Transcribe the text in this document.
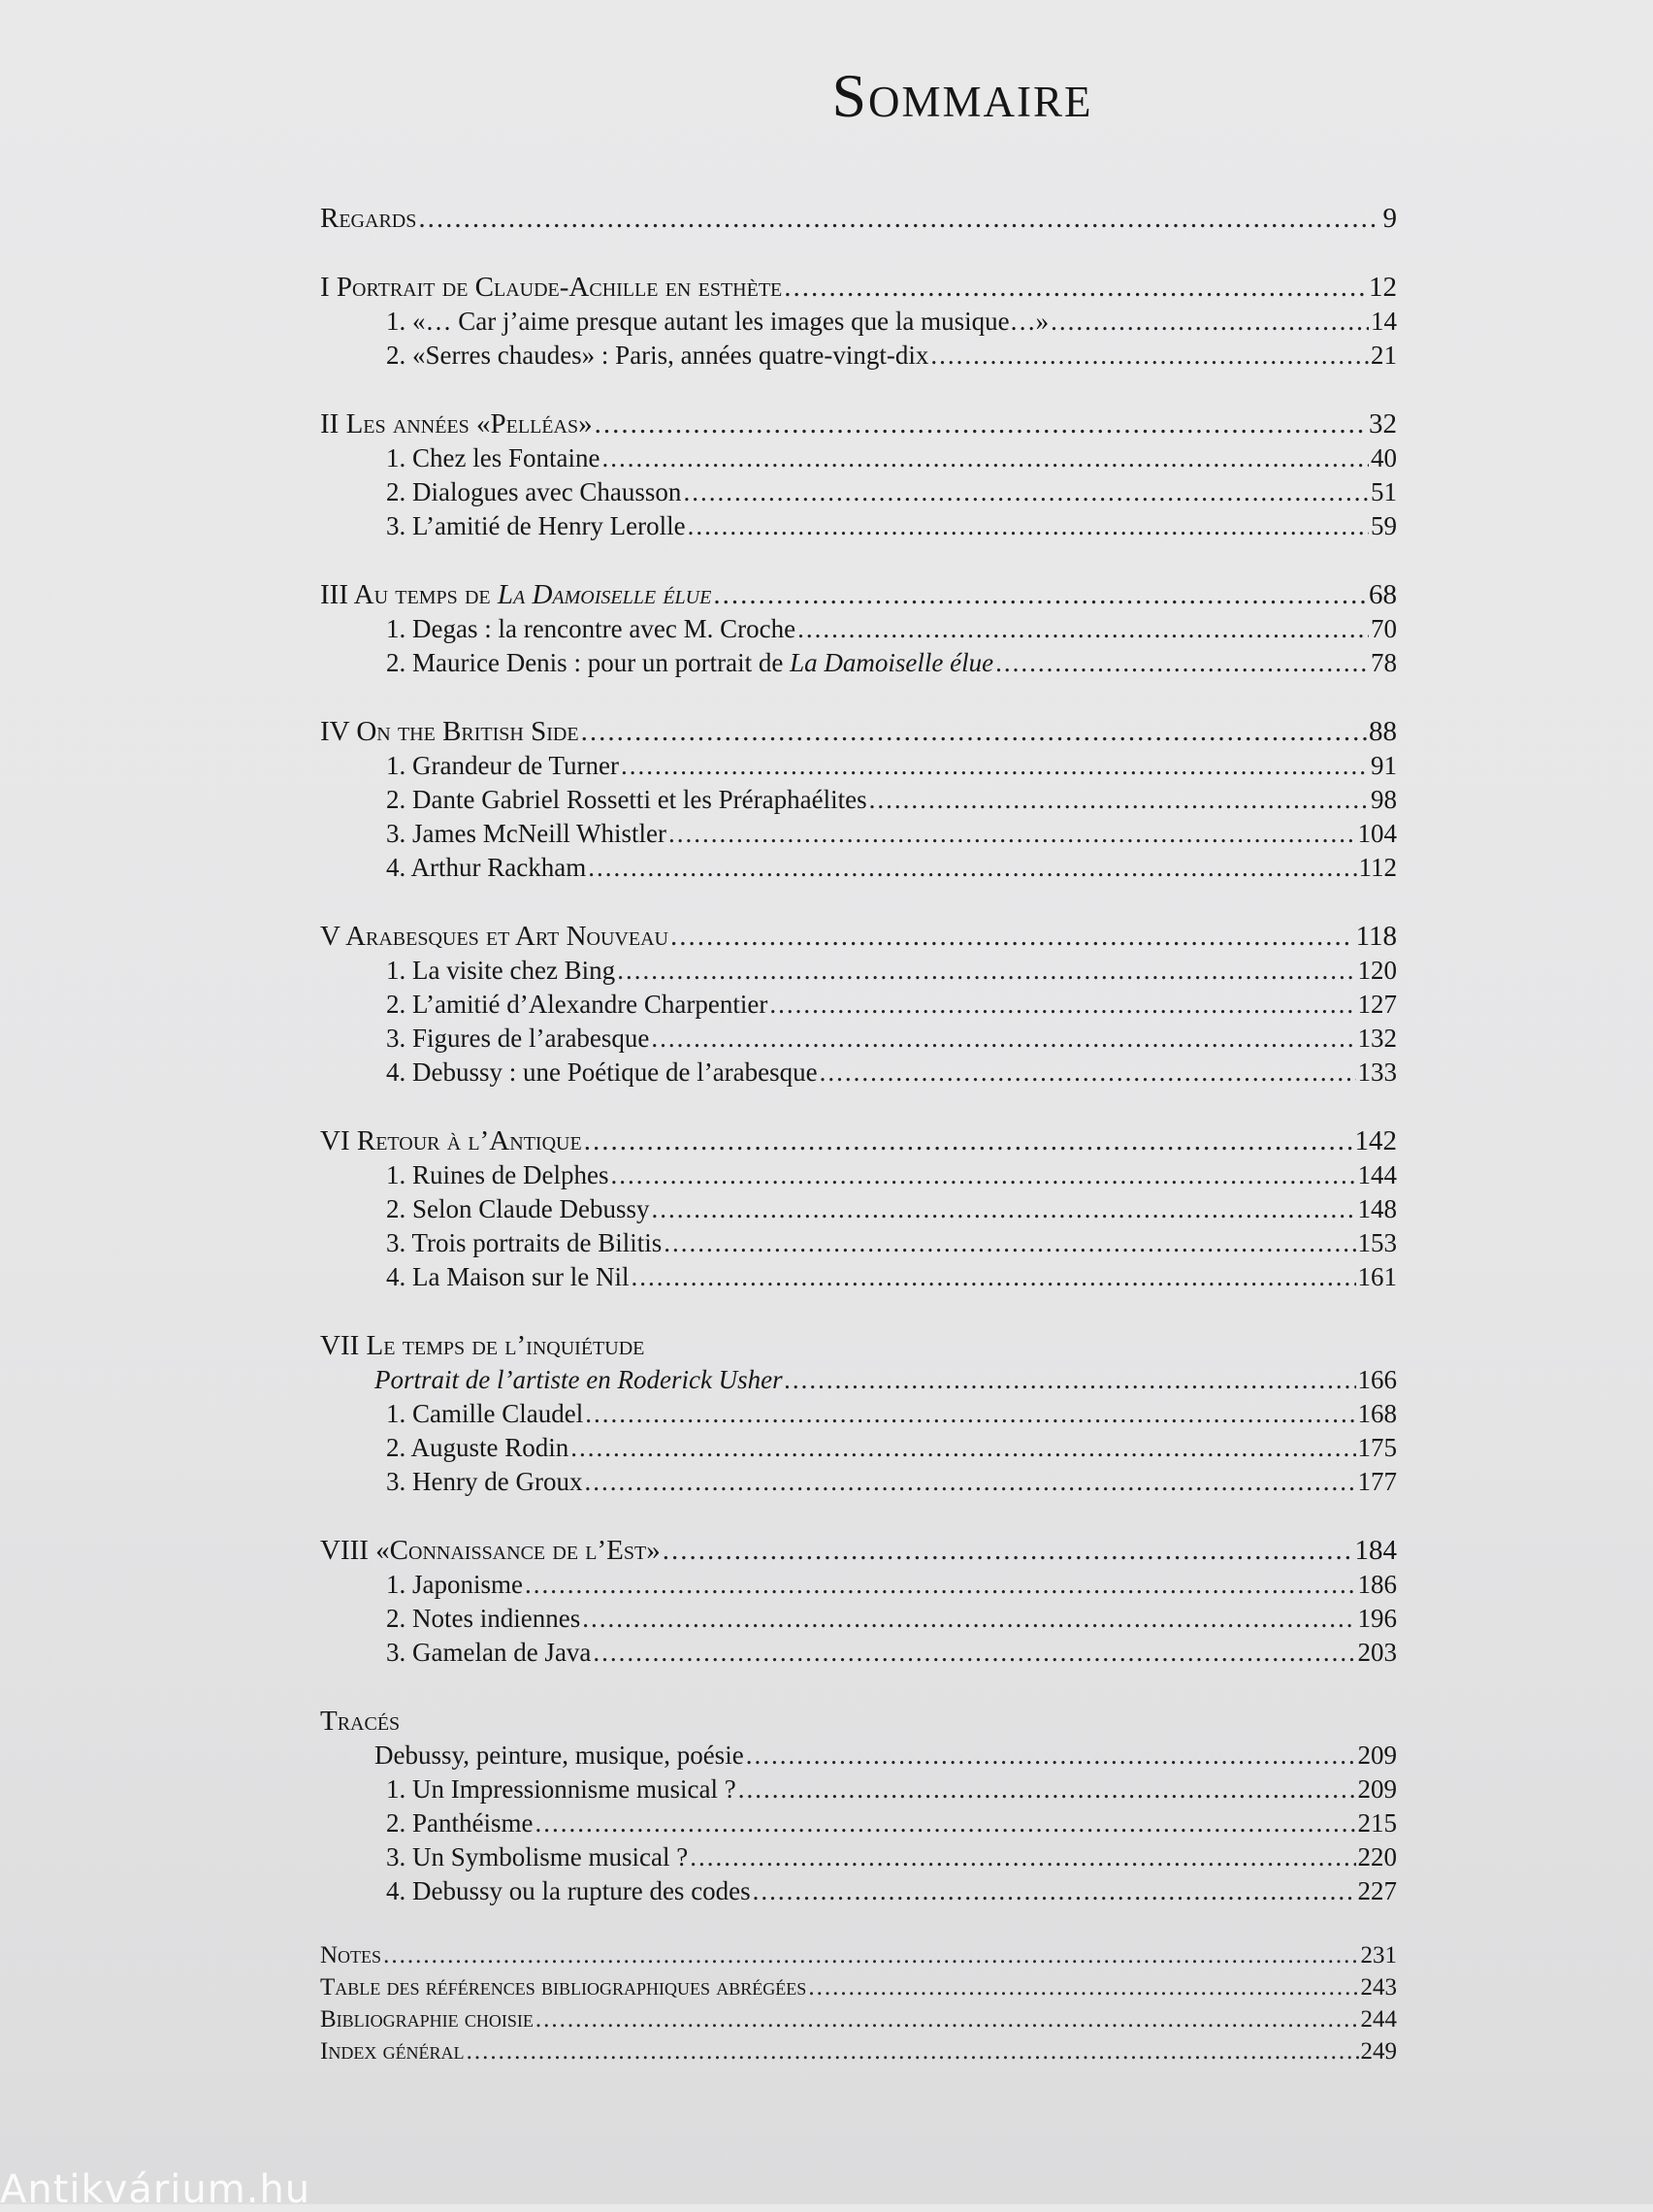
Sommaire
Regards .....	9
I Portrait de Claude-Achille en esthète .....	12
1. «… Car j’aime presque autant les images que la musique…» .....	14
2. «Serres chaudes» : Paris, années quatre-vingt-dix .....	21
II Les années «Pelléas» .....	32
1. Chez les Fontaine .....	40
2. Dialogues avec Chausson .....	51
3. L’amitié de Henry Lerolle .....	59
III Au temps de La Damoiselle élue .....	68
1. Degas : la rencontre avec M. Croche .....	70
2. Maurice Denis : pour un portrait de La Damoiselle élue .....	78
IV On the British Side .....	88
1. Grandeur de Turner .....	91
2. Dante Gabriel Rossetti et les Préraphaélites .....	98
3. James McNeill Whistler .....	104
4. Arthur Rackham .....	112
V Arabesques et Art Nouveau .....	118
1. La visite chez Bing .....	120
2. L’amitié d’Alexandre Charpentier .....	127
3. Figures de l’arabesque .....	132
4. Debussy : une Poétique de l’arabesque .....	133
VI Retour à l’Antique .....	142
1. Ruines de Delphes .....	144
2. Selon Claude Debussy .....	148
3. Trois portraits de Bilitis .....	153
4. La Maison sur le Nil .....	161
VII Le temps de l’inquiétude
Portrait de l’artiste en Roderick Usher .....	166
1. Camille Claudel .....	168
2. Auguste Rodin .....	175
3. Henry de Groux .....	177
VIII «Connaissance de l’Est» .....	184
1. Japonisme .....	186
2. Notes indiennes .....	196
3. Gamelan de Java .....	203
Tracés
Debussy, peinture, musique, poésie .....	209
1. Un Impressionnisme musical ? .....	209
2. Panthéisme .....	215
3. Un Symbolisme musical ? .....	220
4. Debussy ou la rupture des codes .....	227
Notes .....	231
Table des références bibliographiques abrégées .....	243
Bibliographie choisie .....	244
Index général .....	249
Antikvárium.hu
